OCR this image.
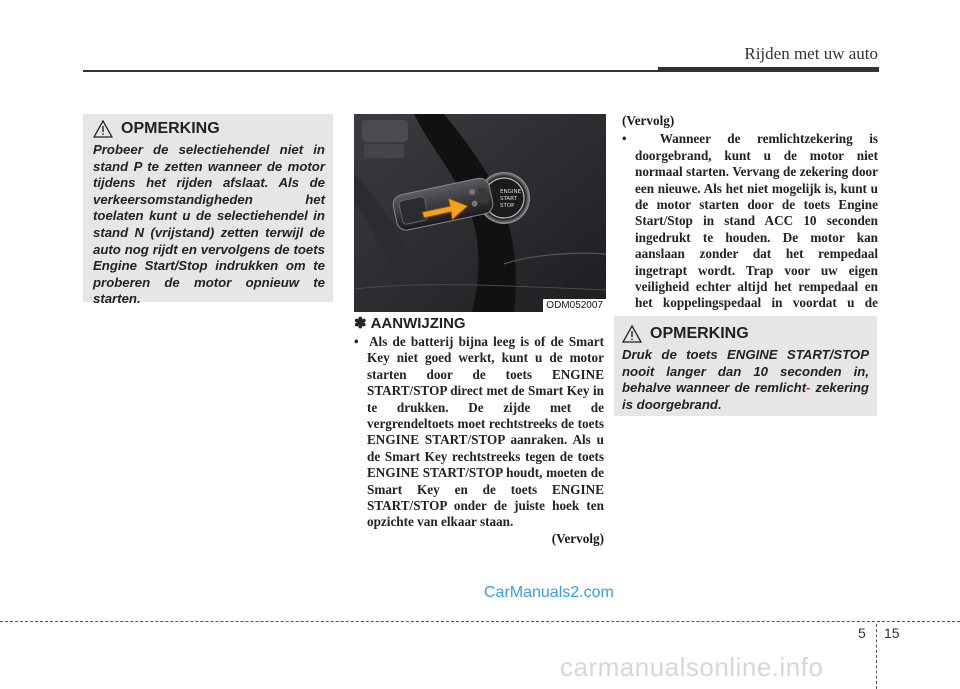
Rijden met uw auto
OPMERKING
Probeer de selectiehendel niet in stand P te zetten wanneer de motor tijdens het rijden afslaat. Als de verkeersomstandigheden het toelaten kunt u de selectiehendel in stand N (vrijstand) zetten terwijl de auto nog rijdt en vervolgens de toets Engine Start/Stop indrukken om te proberen de motor opnieuw te starten.
ENGINE
START
STOP
ODM052007
✽ AANWIJZING
• Als de batterij bijna leeg is of de Smart Key niet goed werkt, kunt u de motor starten door de toets ENGINE START/STOP direct met de Smart Key in te drukken. De zijde met de vergrendeltoets moet rechtstreeks de toets ENGINE START/STOP aanraken. Als u de Smart Key rechtstreeks tegen de toets ENGINE START/STOP houdt, moeten de Smart Key en de toets ENGINE START/STOP onder de juiste hoek ten opzichte van elkaar staan.
(Vervolg)
(Vervolg)
•	Wanneer de remlichtzekering is doorgebrand, kunt u de motor niet normaal starten. Vervang de zekering door een nieuwe. Als het niet mogelijk is, kunt u de motor starten door de toets Engine Start/Stop in stand ACC 10 seconden ingedrukt te houden. De motor kan aanslaan zonder dat het rempedaal ingetrapt wordt. Trap voor uw eigen veiligheid echter altijd het rempedaal en het koppelingspedaal in voordat u de
OPMERKING
Druk de toets ENGINE START/STOP nooit langer dan 10 seconden in, behalve wanneer de remlicht- zekering is doorgebrand.
CarManuals2.com
5 15
carmanualsonline.info
